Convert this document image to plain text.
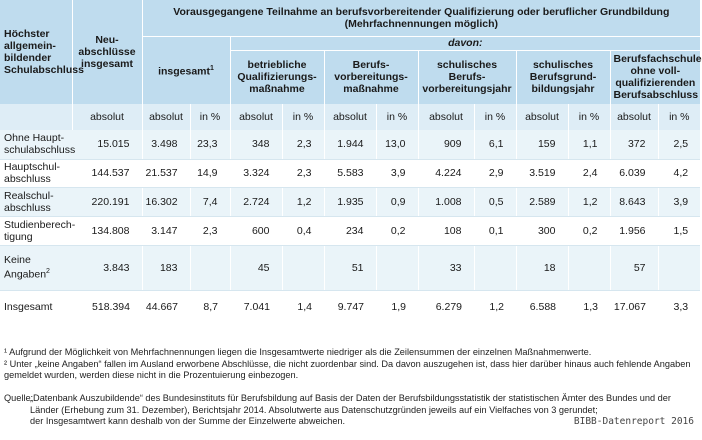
Höchster allgemein-bildender Schulabschluss	Neu-abschlüsse insgesamt	Vorausgegangene Teilnahme an berufsvorbereitender Qualifizierung oder beruflicher Grundbildung
(Mehrfachnennungen möglich)											

		insgesamt$^1$		davon:									
				betriebliche Qualifizierungs-maßnahme		Berufs-vorbereitungs-maßnahme		schulisches Berufs-vorbereitungsjahr		schulisches Berufsgrund-bildungsjahr		Berufsfachschule ohne voll-qualifizierenden Berufsabschluss	
	absolut	absolut	in %	absolut	in %	absolut	in %	absolut	in %	absolut	in %	absolut	in %
Ohne Haupt-schulabschluss	15.015	3.498	23,3	348	2,3	1.944	13,0	909	6,1	159	1,1	372	2,5
Hauptschul-abschluss	144.537	21.537	14,9	3.324	2,3	5.583	3,9	4.224	2,9	3.519	2,4	6.039	4,2
Realschul-abschluss	220.191	16.302	7,4	2.724	1,2	1.935	0,9	1.008	0,5	2.589	1,2	8.643	3,9
Studienberech-tigung	134.808	3.147	2,3	600	0,4	234	0,2	108	0,1	300	0,2	1.956	1,5
Keine Angaben$^2$	3.843	183		45		51		33		18		57	
Insgesamt	518.394	44.667	8,7	7.041	1,4	9.747	1,9	6.279	1,2	6.588	1,3	17.067	3,3

¹ Aufgrund der Möglichkeit von Mehrfachnennungen liegen die Insgesamtwerte niedriger als die Zeilensummen der einzelnen Maßnahmenwerte.

² Unter „keine Angaben“ fallen im Ausland erworbene Abschlüsse, die nicht zuordenbar sind. Da davon auszugehen ist, dass hier darüber hinaus auch fehlende Angaben gemeldet wurden, werden diese nicht in die Prozentuierung einbezogen.

Quelle:

„Datenbank Auszubildende“ des Bundesinstituts für Berufsbildung auf Basis der Daten der Berufsbildungsstatistik der statistischen Ämter des Bundes und der Länder (Erhebung zum 31. Dezember), Berichtsjahr 2014. Absolutwerte aus Datenschutzgründen jeweils auf ein Vielfaches von 3 gerundet;

der Insgesamtwert kann deshalb von der Summe der Einzelwerte abweichen.	BIBB-Datenreport 2016
